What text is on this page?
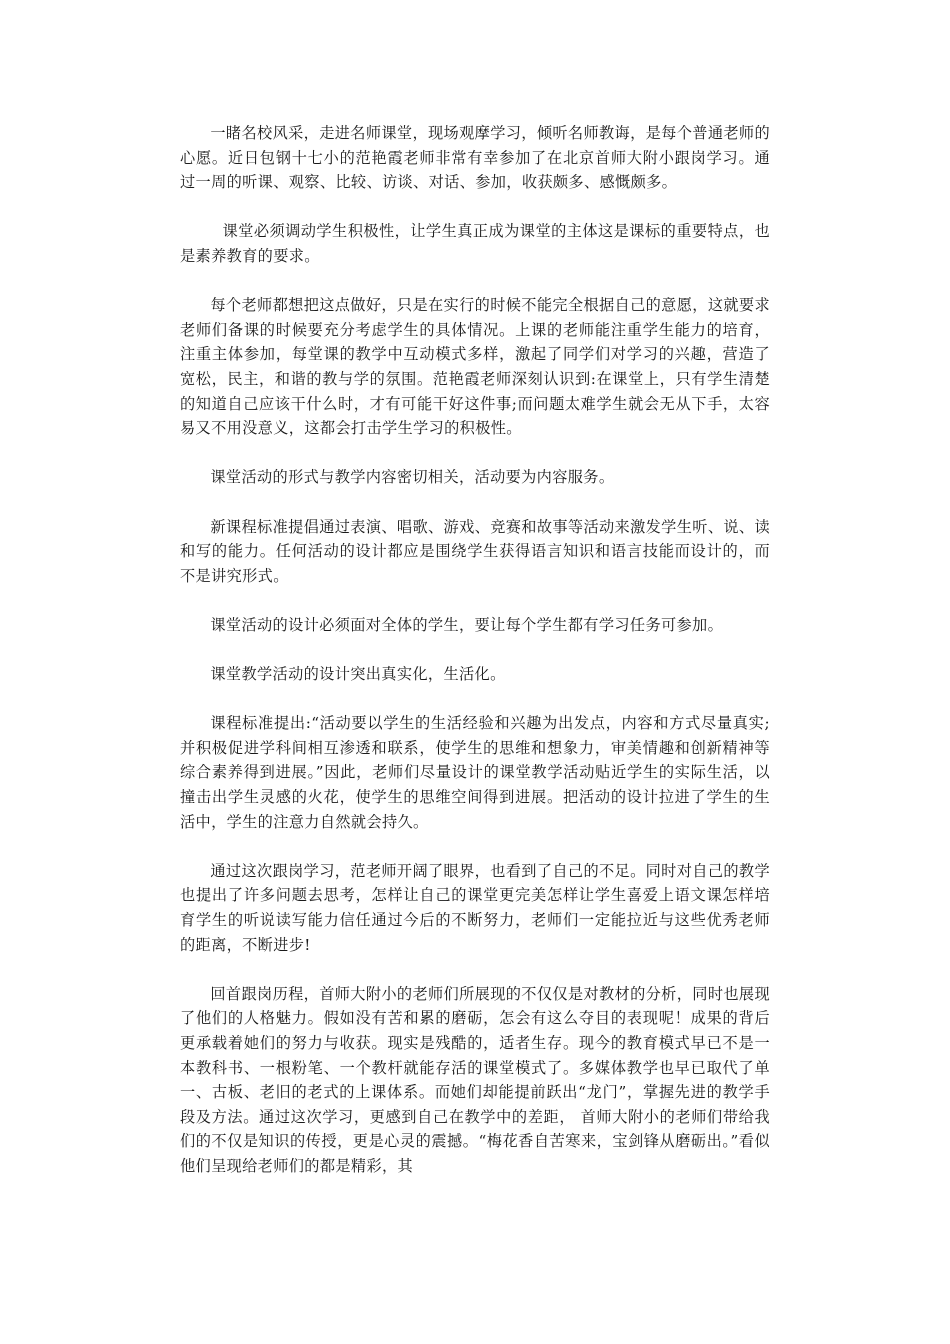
一睹名校风采，走进名师课堂，现场观摩学习，倾听名师教诲，是每个普通老师的心愿。近日包钢十七小的范艳霞老师非常有幸参加了在北京首师大附小跟岗学习。通过一周的听课、观察、比较、访谈、对话、参加，收获颇多、感慨颇多。

课堂必须调动学生积极性，让学生真正成为课堂的主体这是课标的重要特点，也是素养教育的要求。

每个老师都想把这点做好，只是在实行的时候不能完全根据自己的意愿，这就要求老师们备课的时候要充分考虑学生的具体情况。上课的老师能注重学生能力的培育，注重主体参加，每堂课的教学中互动模式多样，激起了同学们对学习的兴趣，营造了宽松，民主，和谐的教与学的氛围。范艳霞老师深刻认识到:在课堂上，只有学生清楚的知道自己应该干什么时，才有可能干好这件事;而问题太难学生就会无从下手，太容易又不用没意义，这都会打击学生学习的积极性。

课堂活动的形式与教学内容密切相关，活动要为内容服务。

新课程标准提倡通过表演、唱歌、游戏、竞赛和故事等活动来激发学生听、说、读和写的能力。任何活动的设计都应是围绕学生获得语言知识和语言技能而设计的，而不是讲究形式。

课堂活动的设计必须面对全体的学生，要让每个学生都有学习任务可参加。

课堂教学活动的设计突出真实化，生活化。

课程标准提出:“活动要以学生的生活经验和兴趣为出发点，内容和方式尽量真实;并积极促进学科间相互渗透和联系，使学生的思维和想象力，审美情趣和创新精神等综合素养得到进展。”因此，老师们尽量设计的课堂教学活动贴近学生的实际生活，以撞击出学生灵感的火花，使学生的思维空间得到进展。把活动的设计拉进了学生的生活中，学生的注意力自然就会持久。

通过这次跟岗学习，范老师开阔了眼界，也看到了自己的不足。同时对自己的教学也提出了许多问题去思考，怎样让自己的课堂更完美怎样让学生喜爱上语文课怎样培育学生的听说读写能力信任通过今后的不断努力，老师们一定能拉近与这些优秀老师的距离，不断进步!

回首跟岗历程，首师大附小的老师们所展现的不仅仅是对教材的分析，同时也展现了他们的人格魅力。假如没有苦和累的磨砺，怎会有这么夺目的表现呢！成果的背后更承载着她们的努力与收获。现实是残酷的，适者生存。现今的教育模式早已不是一本教科书、一根粉笔、一个教杆就能存活的课堂模式了。多媒体教学也早已取代了单一、古板、老旧的老式的上课体系。而她们却能提前跃出“龙门”，掌握先进的教学手段及方法。通过这次学习，更感到自己在教学中的差距， 首师大附小的老师们带给我们的不仅是知识的传授，更是心灵的震撼。“梅花香自苦寒来，宝剑锋从磨砺出。”看似他们呈现给老师们的都是精彩，其
